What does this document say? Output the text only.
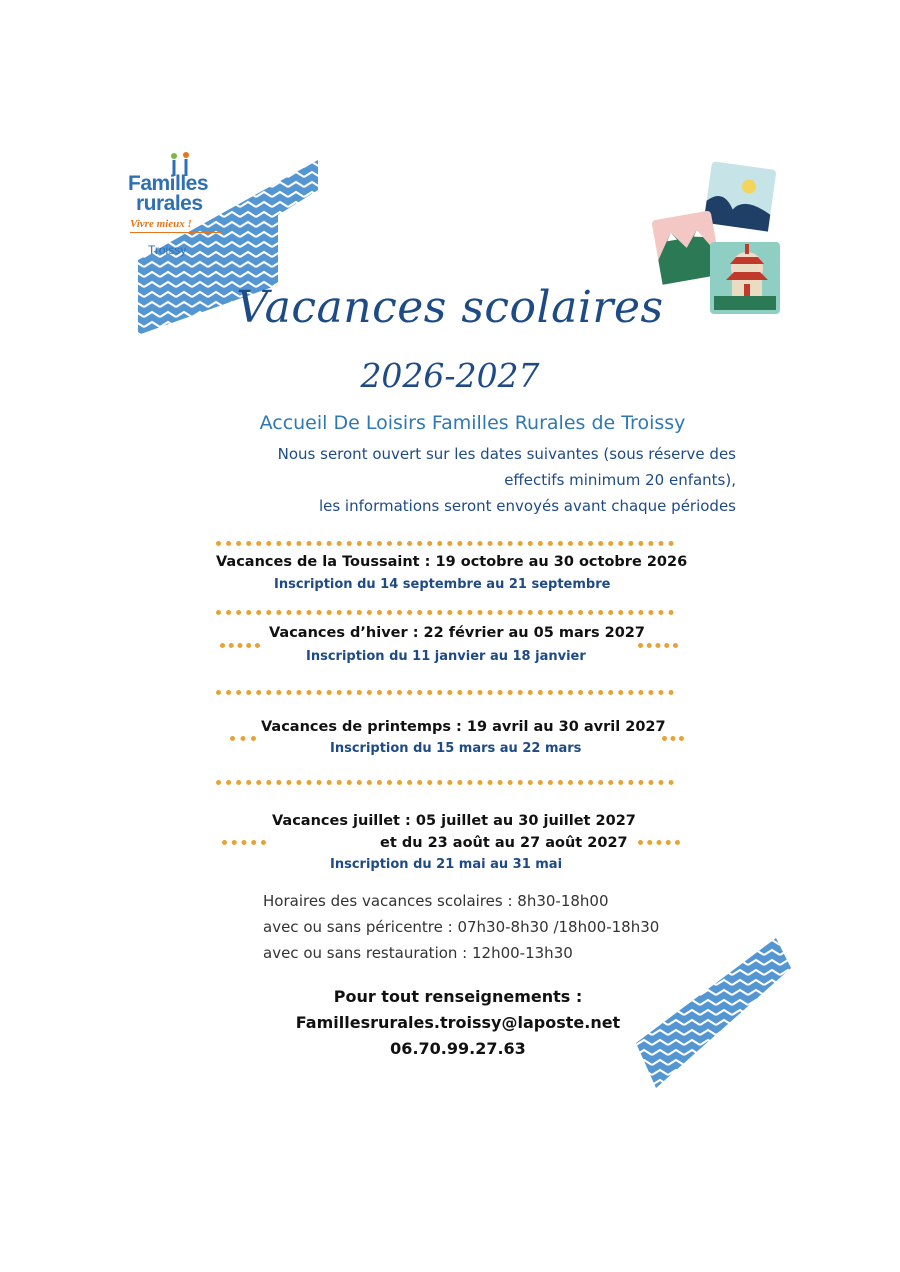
Familles
rurales
Vivre mieux !
Troissy
Vacances scolaires
2026-2027
Accueil De Loisirs Familles Rurales de Troissy
Nous seront ouvert sur les dates suivantes (sous réserve des
effectifs minimum 20 enfants),
les informations seront envoyés avant chaque périodes
Vacances de la Toussaint : 19 octobre au 30 octobre 2026
Inscription du 14 septembre au 21 septembre
Vacances d’hiver : 22 février au 05 mars 2027
Inscription du 11 janvier au 18 janvier
Vacances de printemps : 19 avril au 30 avril 2027
Inscription du 15 mars au 22 mars
Vacances juillet : 05 juillet au 30 juillet 2027
et du 23 août au 27 août 2027
Inscription du 21 mai au 31 mai
Horaires des vacances scolaires : 8h30-18h00
avec ou sans péricentre : 07h30-8h30 /18h00-18h30
avec ou sans restauration : 12h00-13h30
Pour tout renseignements :
Famillesrurales.troissy@laposte.net
06.70.99.27.63
